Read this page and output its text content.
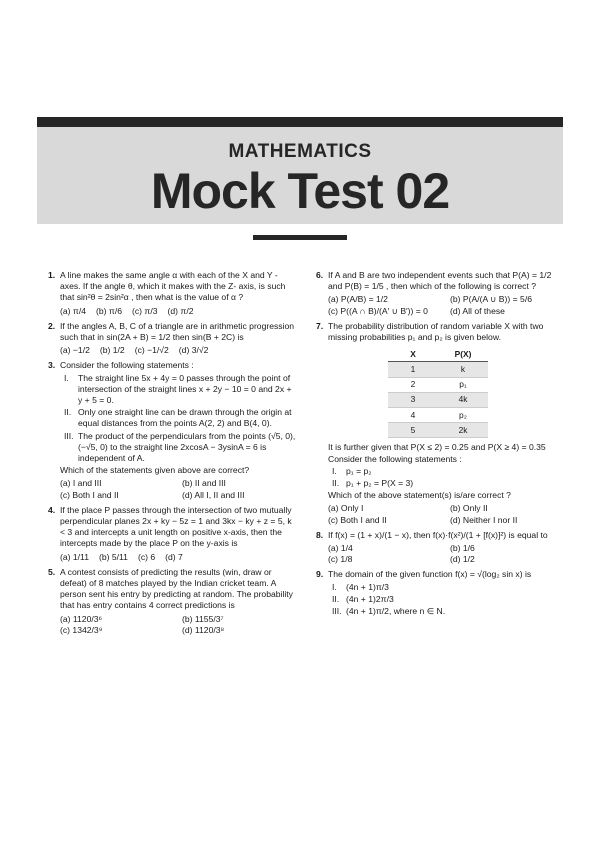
MATHEMATICS
Mock Test 02
1. A line makes the same angle α with each of the X and Y - axes. If the angle θ, which it makes with the Z- axis, is such that sin²θ = 2sin²α , then what is the value of α ?
(a) π/4 (b) π/6 (c) π/3 (d) π/2
2. If the angles A, B, C of a triangle are in arithmetic progression such that in sin(2A + B) = 1/2 then sin(B + 2C) is
(a) −1/2 (b) 1/2 (c) −1/√2 (d) 3/√2
3. Consider the following statements :
I. The straight line 5x + 4y = 0 passes through the point of intersection of the straight lines x + 2y − 10 = 0 and 2x + y + 5 = 0.
II. Only one straight line can be drawn through the origin at equal distances from the points A(2, 2) and B(4, 0).
III. The product of the perpendiculars from the points (√5, 0), (−√5, 0) to the straight line 2xcosA − 3ysinA = 6 is independent of A.
Which of the statements given above are correct?
(a) I and III	(b) II and III
(c) Both I and II	(d) All I, II and III
4. If the place P passes through the intersection of two mutually perpendicular planes 2x + ky − 5z = 1 and 3kx − ky + z = 5, k < 3 and intercepts a unit length on positive x-axis, then the intercepts made by the place P on the y-axis is
(a) 1/11 (b) 5/11 (c) 6 (d) 7
5. A contest consists of predicting the results (win, draw or defeat) of 8 matches played by the Indian cricket team. A person sent his entry by predicting at random. The probability that has entry contains 4 correct predictions is
(a) 1120/3⁶	(b) 1155/3⁷
(c) 1342/3⁹	(d) 1120/3⁸
6. If A and B are two independent events such that P(A) = 1/2 and P(B) = 1/5 , then which of the following is correct ?
(a) P(A/B) = 1/2	(b) P(A/(A ∪ B)) = 5/6
(c) P((A ∩ B)/(A′ ∪ B′)) = 0	(d) All of these
7. The probability distribution of random variable X with two missing probabilities p₁ and p₂ is given below.
X	P(X)
1	k
2	p₁
3	4k
4	p₂
5	2k
It is further given that P(X ≤ 2) = 0.25 and P(X ≥ 4) = 0.35
Consider the following statements :
I. p₁ = p₂
II. p₁ + p₂ = P(X = 3)
Which of the above statement(s) is/are correct ?
(a) Only I	(b) Only II
(c) Both I and II	(d) Neither I nor II
8. If f(x) = (1 + x)/(1 − x), then f(x)·f(x²)/(1 + [f(x)]²) is equal to
(a) 1/4	(b) 1/6
(c) 1/8	(d) 1/2
9. The domain of the given function f(x) = √(log₂ sin x) is
I. (4n + 1)π/3
II. (4n + 1)2π/3
III. (4n + 1)π/2, where n ∈ N.
